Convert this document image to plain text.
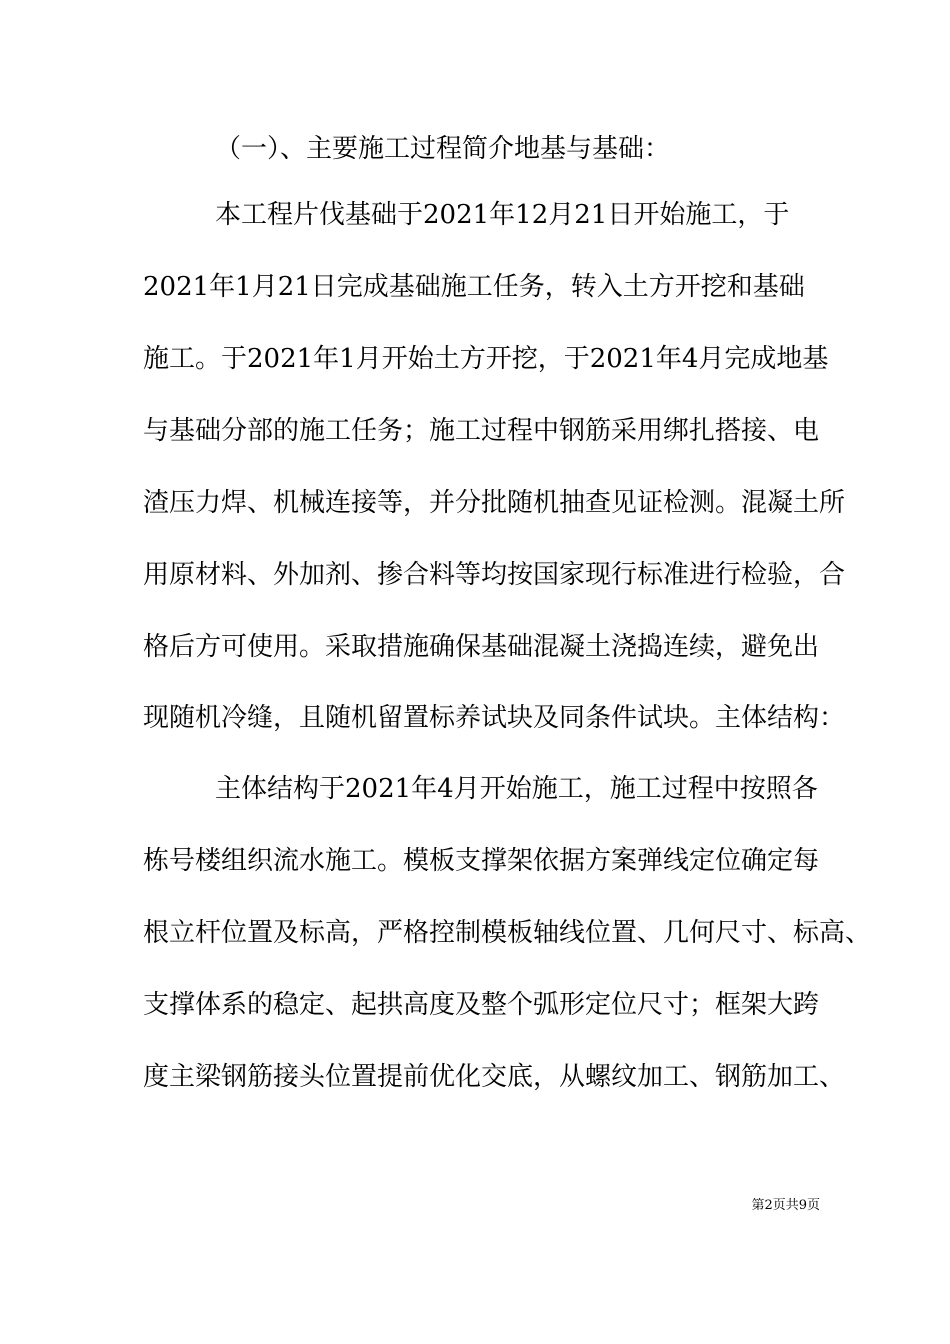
（一）、主要施工过程简介地基与基础：
本工程片伐基础于2021年12月21日开始施工，于
2021年1月21日完成基础施工任务，转入土方开挖和基础
施工。于2021年1月开始土方开挖，于2021年4月完成地基
与基础分部的施工任务；施工过程中钢筋采用绑扎搭接、电
渣压力焊、机械连接等，并分批随机抽查见证检测。混凝土所
用原材料、外加剂、掺合料等均按国家现行标准进行检验，合
格后方可使用。采取措施确保基础混凝土浇捣连续，避免出
现随机冷缝，且随机留置标养试块及同条件试块。主体结构：
主体结构于2021年4月开始施工，施工过程中按照各
栋号楼组织流水施工。模板支撑架依据方案弹线定位确定每
根立杆位置及标高，严格控制模板轴线位置、几何尺寸、标高、
支撑体系的稳定、起拱高度及整个弧形定位尺寸；框架大跨
度主梁钢筋接头位置提前优化交底，从螺纹加工、钢筋加工、
第2页共9页
